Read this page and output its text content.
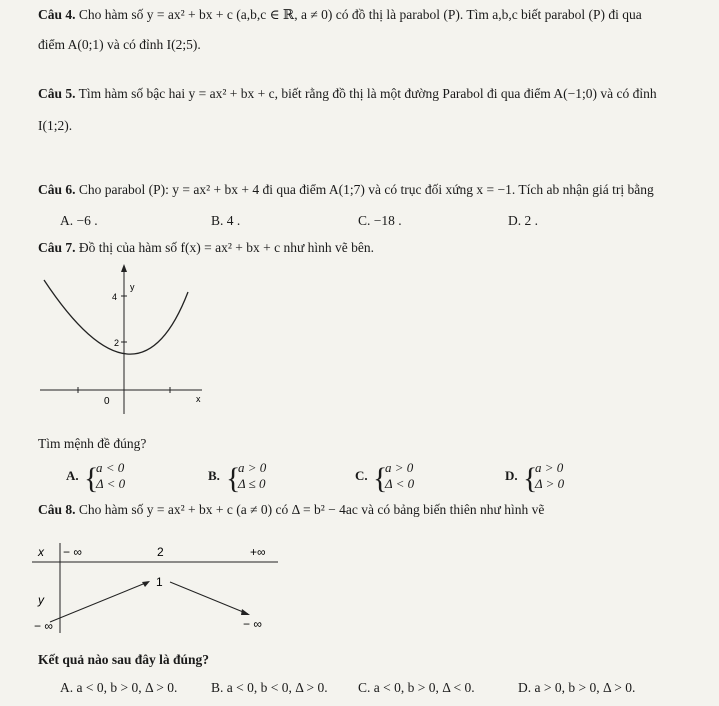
Câu 4. Cho hàm số y = ax² + bx + c (a,b,c ∈ ℝ, a ≠ 0) có đồ thị là parabol (P). Tìm a,b,c biết parabol (P) đi qua
điểm A(0;1) và có đỉnh I(2;5).
Câu 5. Tìm hàm số bậc hai y = ax² + bx + c, biết rằng đồ thị là một đường Parabol đi qua điểm A(−1;0) và có đỉnh
I(1;2).
Câu 6. Cho parabol (P): y = ax² + bx + 4 đi qua điểm A(1;7) và có trục đối xứng x = −1. Tích ab nhận giá trị bằng
A. −6 .	B. 4 .	C. −18 .	D. 2 .
Câu 7. Đồ thị của hàm số f(x) = ax² + bx + c như hình vẽ bên.
y
4
2
0	x
Tìm mệnh đề đúng?
A. {
a < 0
Δ < 0
B. {
a > 0
Δ ≤ 0
C. {
a > 0
Δ < 0
D. {
a > 0
Δ > 0
Câu 8. Cho hàm số y = ax² + bx + c (a ≠ 0) có Δ = b² − 4ac và có bảng biến thiên như hình vẽ
x
y
− ∞	2	+∞
1
− ∞	− ∞
Kết quả nào sau đây là đúng?
A. a < 0, b > 0, Δ > 0. B. a < 0, b < 0, Δ > 0. C. a < 0, b > 0, Δ < 0.	D. a > 0, b > 0, Δ > 0.
